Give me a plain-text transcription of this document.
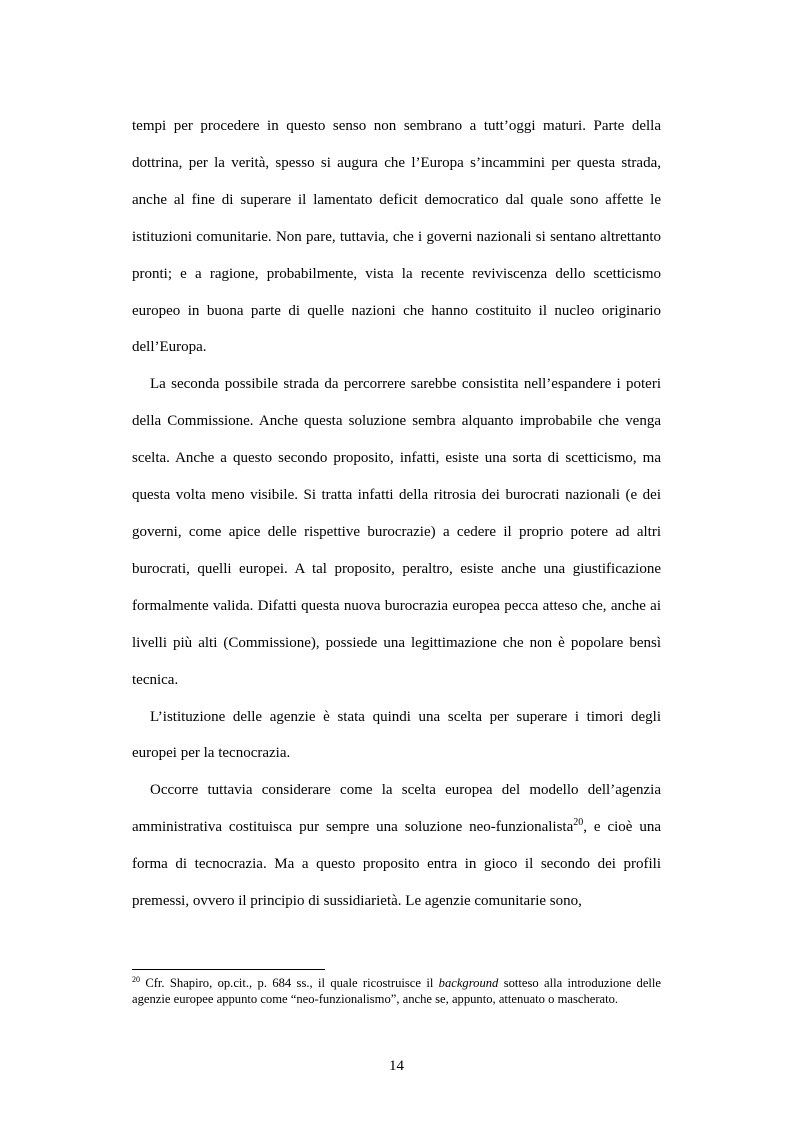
tempi per procedere in questo senso non sembrano a tutt’oggi maturi. Parte della dottrina, per la verità, spesso si augura che l’Europa s’incammini per questa strada, anche al fine di superare il lamentato deficit democratico dal quale sono affette le istituzioni comunitarie. Non pare, tuttavia, che i governi nazionali si sentano altrettanto pronti; e a ragione, probabilmente, vista la recente reviviscenza dello scetticismo europeo in buona parte di quelle nazioni che hanno costituito il nucleo originario dell’Europa.

La seconda possibile strada da percorrere sarebbe consistita nell’espandere i poteri della Commissione. Anche questa soluzione sembra alquanto improbabile che venga scelta. Anche a questo secondo proposito, infatti, esiste una sorta di scetticismo, ma questa volta meno visibile. Si tratta infatti della ritrosia dei burocrati nazionali (e dei governi, come apice delle rispettive burocrazie) a cedere il proprio potere ad altri burocrati, quelli europei. A tal proposito, peraltro, esiste anche una giustificazione formalmente valida. Difatti questa nuova burocrazia europea pecca atteso che, anche ai livelli più alti (Commissione), possiede una legittimazione che non è popolare bensì tecnica.

L’istituzione delle agenzie è stata quindi una scelta per superare i timori degli europei per la tecnocrazia.

Occorre tuttavia considerare come la scelta europea del modello dell’agenzia amministrativa costituisca pur sempre una soluzione neo-funzionalista$^{20}$, e cioè una forma di tecnocrazia. Ma a questo proposito entra in gioco il secondo dei profili premessi, ovvero il principio di sussidiarietà. Le agenzie comunitarie sono,

$^{20}$ Cfr. Shapiro, op.cit., p. 684 ss., il quale ricostruisce il background sotteso alla introduzione delle agenzie europee appunto come “neo-funzionalismo”, anche se, appunto, attenuato o mascherato.

14
